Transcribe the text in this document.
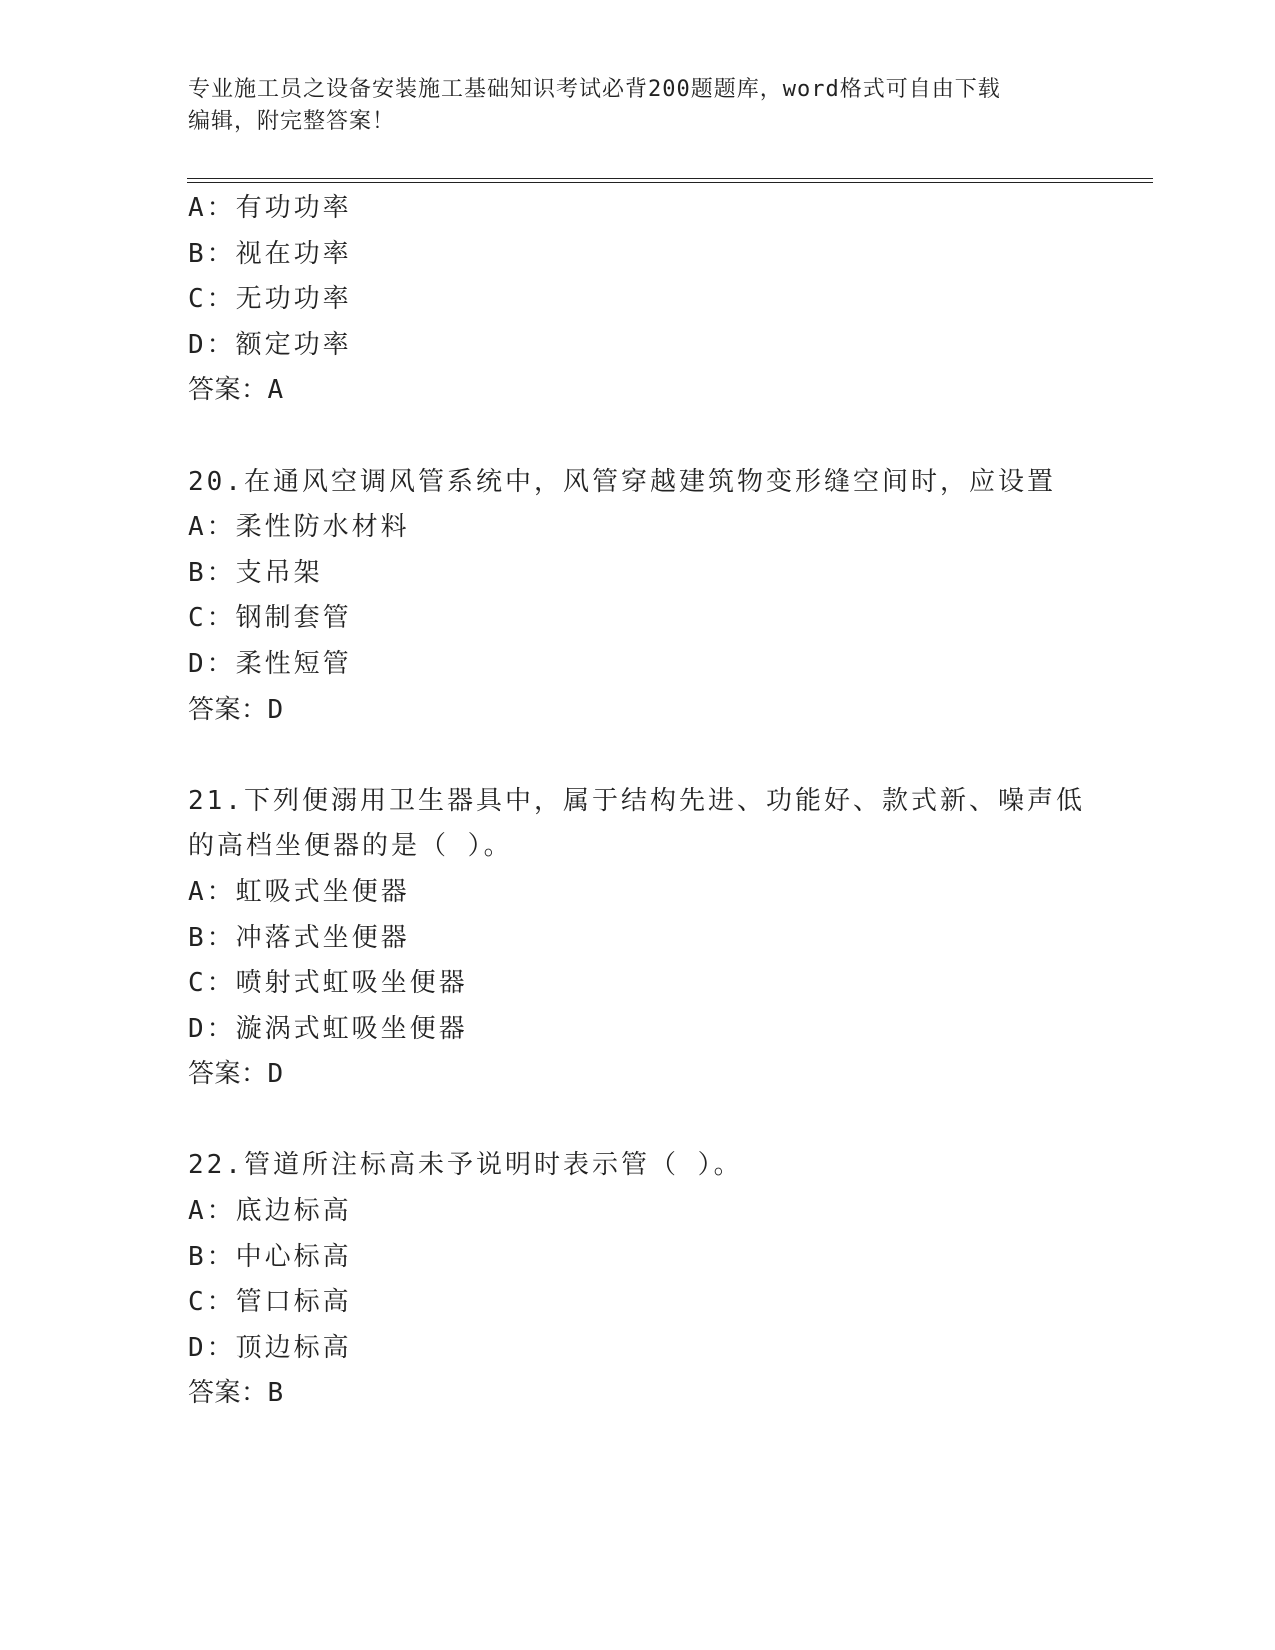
专业施工员之设备安装施工基础知识考试必背200题题库，word格式可自由下载
编辑，附完整答案！
A：有功功率
B：视在功率
C：无功功率
D：额定功率
答案：A
20.在通风空调风管系统中，风管穿越建筑物变形缝空间时，应设置
A：柔性防水材料
B：支吊架
C：钢制套管
D：柔性短管
答案：D
21.下列便溺用卫生器具中，属于结构先进、功能好、款式新、噪声低
的高档坐便器的是（ ）。
A：虹吸式坐便器
B：冲落式坐便器
C：喷射式虹吸坐便器
D：漩涡式虹吸坐便器
答案：D
22.管道所注标高未予说明时表示管（ ）。
A：底边标高
B：中心标高
C：管口标高
D：顶边标高
答案：B
